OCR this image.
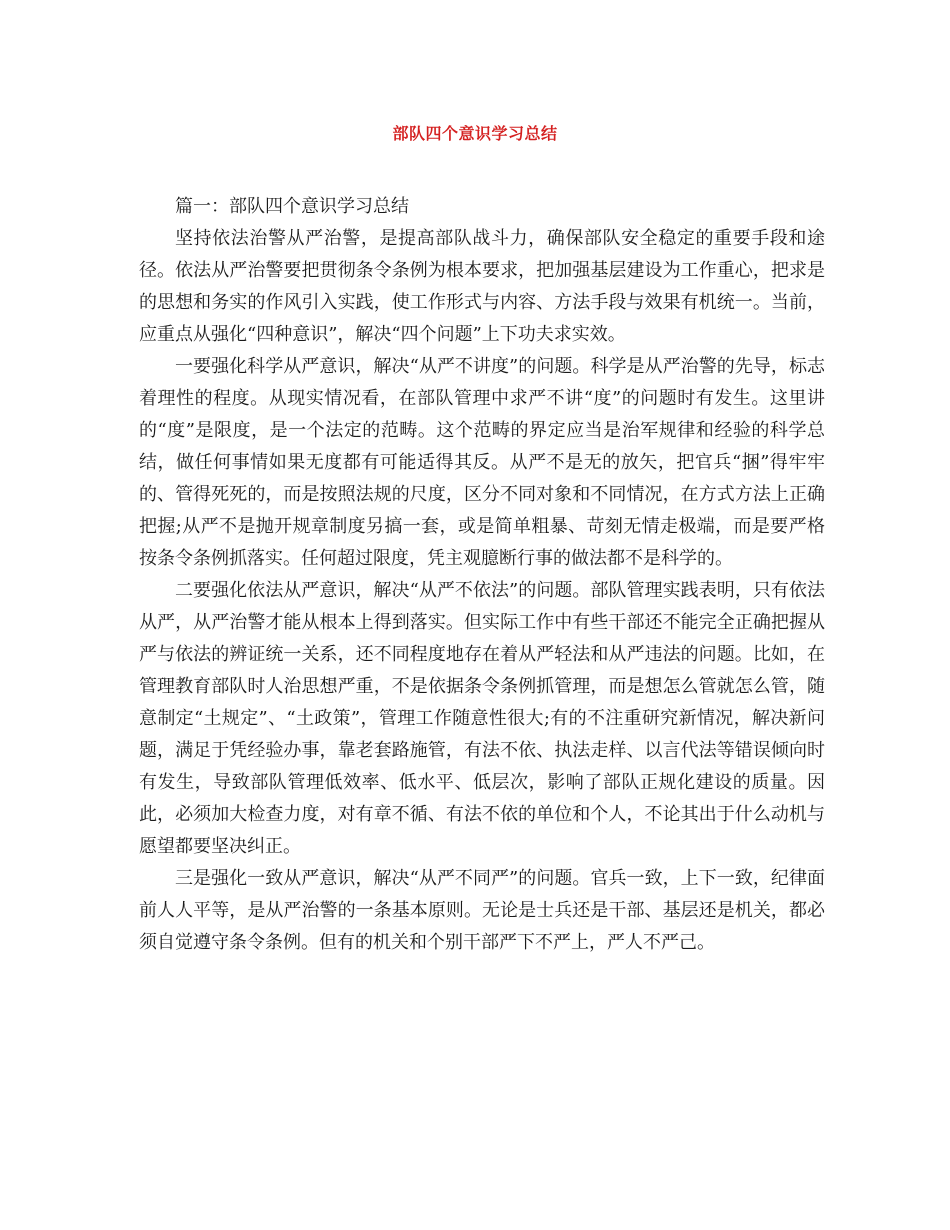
部队四个意识学习总结

篇一：部队四个意识学习总结

坚持依法治警从严治警，是提高部队战斗力，确保部队安全稳定的重要手段和途径。依法从严治警要把贯彻条令条例为根本要求，把加强基层建设为工作重心，把求是的思想和务实的作风引入实践，使工作形式与内容、方法手段与效果有机统一。当前，应重点从强化“四种意识”，解决“四个问题”上下功夫求实效。

一要强化科学从严意识，解决“从严不讲度”的问题。科学是从严治警的先导，标志着理性的程度。从现实情况看，在部队管理中求严不讲“度”的问题时有发生。这里讲的“度”是限度，是一个法定的范畴。这个范畴的界定应当是治军规律和经验的科学总结，做任何事情如果无度都有可能适得其反。从严不是无的放矢，把官兵“捆”得牢牢的、管得死死的，而是按照法规的尺度，区分不同对象和不同情况，在方式方法上正确把握;从严不是抛开规章制度另搞一套，或是简单粗暴、苛刻无情走极端，而是要严格按条令条例抓落实。任何超过限度，凭主观臆断行事的做法都不是科学的。

二要强化依法从严意识，解决“从严不依法”的问题。部队管理实践表明，只有依法从严，从严治警才能从根本上得到落实。但实际工作中有些干部还不能完全正确把握从严与依法的辨证统一关系，还不同程度地存在着从严轻法和从严违法的问题。比如，在管理教育部队时人治思想严重，不是依据条令条例抓管理，而是想怎么管就怎么管，随意制定“土规定”、“土政策”，管理工作随意性很大;有的不注重研究新情况，解决新问题，满足于凭经验办事，靠老套路施管，有法不依、执法走样、以言代法等错误倾向时有发生，导致部队管理低效率、低水平、低层次，影响了部队正规化建设的质量。因此，必须加大检查力度，对有章不循、有法不依的单位和个人，不论其出于什么动机与愿望都要坚决纠正。

三是强化一致从严意识，解决“从严不同严”的问题。官兵一致，上下一致，纪律面前人人平等，是从严治警的一条基本原则。无论是士兵还是干部、基层还是机关，都必须自觉遵守条令条例。但有的机关和个别干部严下不严上，严人不严己。
